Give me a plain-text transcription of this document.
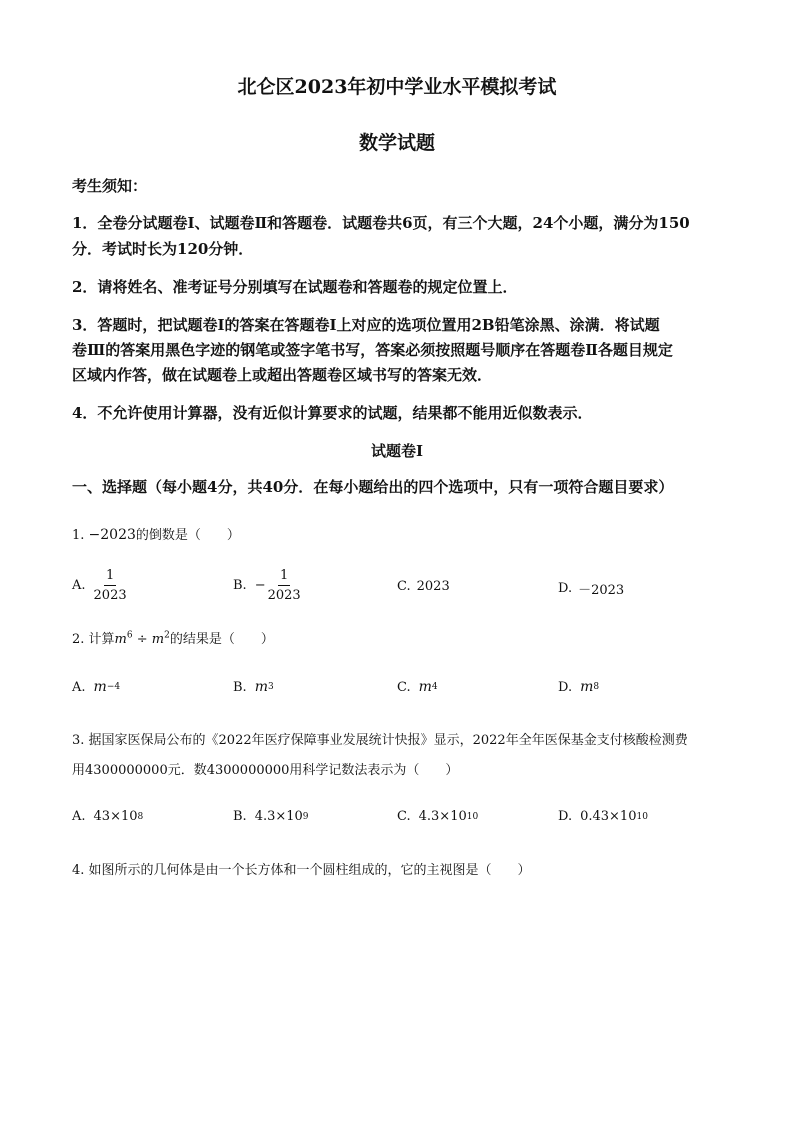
北仑区2023年初中学业水平模拟考试
数学试题
考生须知：
1．全卷分试题卷Ⅰ、试题卷Ⅱ和答题卷．试题卷共6页，有三个大题，24个小题，满分为150
分．考试时长为120分钟．
2．请将姓名、准考证号分别填写在试题卷和答题卷的规定位置上．
3．答题时，把试题卷Ⅰ的答案在答题卷Ⅰ上对应的选项位置用2B铅笔涂黑、涂满．将试题
卷Ⅲ的答案用黑色字迹的钢笔或签字笔书写，答案必须按照题号顺序在答题卷Ⅱ各题目规定
区域内作答，做在试题卷上或超出答题卷区域书写的答案无效．
4．不允许使用计算器，没有近似计算要求的试题，结果都不能用近似数表示．
试题卷Ⅰ
一、选择题（每小题4分，共40分．在每小题给出的四个选项中，只有一项符合题目要求）
1. −2023的倒数是（　　）
A. $\frac{1}{2023}$	B. − $\frac{1}{2023}$	C. 2023	D. －2023
2. 计算$m^6 \div m^2$的结果是（　　）
A. m −4	B. m 3	C. m 4	D. m 8
3. 据国家医保局公布的《2022年医疗保障事业发展统计快报》显示，2022年全年医保基金支付核酸检测费
用4300000000元．数4300000000用科学记数法表示为（　　）
A. 43×10 8	B. 4.3×10 9	C. 4.3×10 10	D. 0.43×10 10
4. 如图所示的几何体是由一个长方体和一个圆柱组成的，它的主视图是（　　）
